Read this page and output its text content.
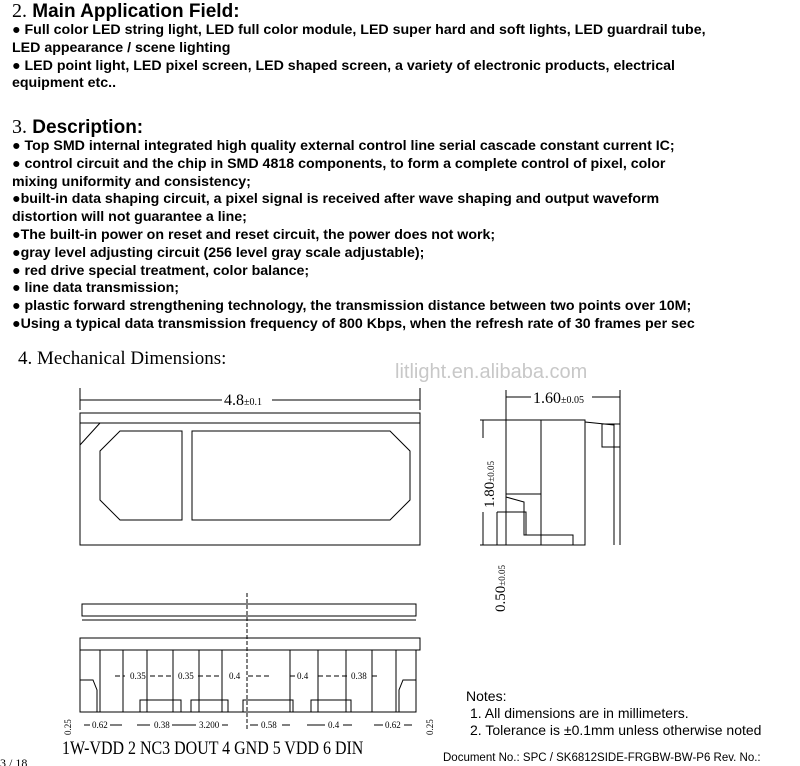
2. Main Application Field:
● Full color LED string light, LED full color module, LED super hard and soft lights, LED guardrail tube,
LED appearance / scene lighting
● LED point light, LED pixel screen, LED shaped screen, a variety of electronic products, electrical
equipment etc..
3. Description:
● Top SMD internal integrated high quality external control line serial cascade constant current IC;
● control circuit and the chip in SMD 4818 components, to form a complete control of pixel, color
mixing uniformity and consistency;
●built-in data shaping circuit, a pixel signal is received after wave shaping and output waveform
distortion will not guarantee a line;
●The built-in power on reset and reset circuit, the power does not work;
●gray level adjusting circuit (256 level gray scale adjustable);
● red drive special treatment, color balance;
● line data transmission;
● plastic forward strengthening technology, the transmission distance between two points over 10M;
●Using a typical data transmission frequency of 800 Kbps, when the refresh rate of 30 frames per sec
4. Mechanical Dimensions:
litlight.en.alibaba.com
4.8±0.1	1.60±0.05
1.80±0.05
0.50±0.05
0.35	0.35	0.4	0.4	0.38
0.62	0.38	3.200	0.58	0.4	0.62
0.25	0.25
1W-VDD 2 NC3 DOUT 4 GND 5 VDD 6 DIN
Notes:
1. All dimensions are in millimeters.
2. Tolerance is ±0.1mm unless otherwise noted
Document No.: SPC / SK6812SIDE-FRGBW-BW-P6 Rev. No.:
3 / 18
